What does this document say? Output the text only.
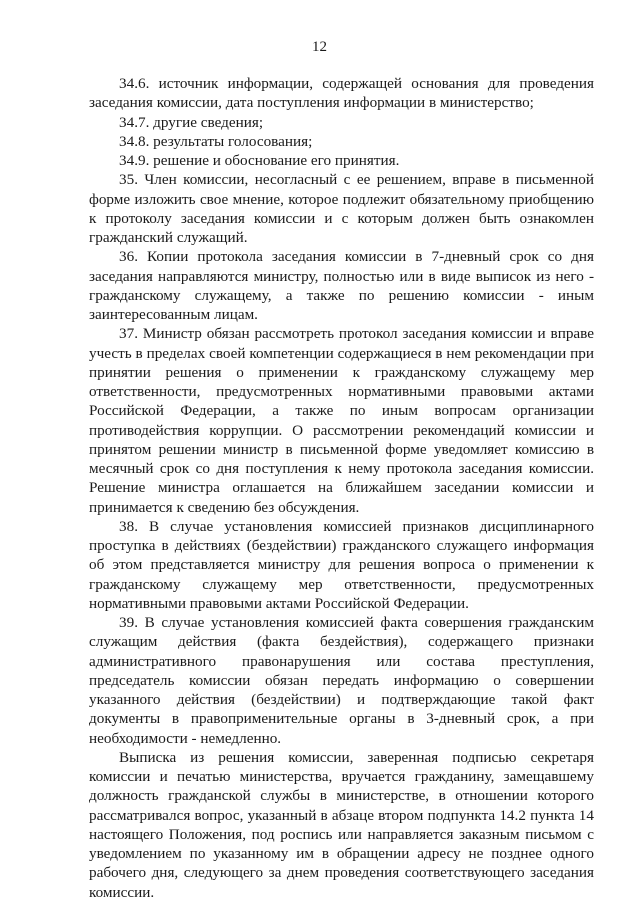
12

34.6. источник информации, содержащей основания для проведения заседания комиссии, дата поступления информации в министерство;

34.7. другие сведения;

34.8. результаты голосования;

34.9. решение и обоснование его принятия.

35. Член комиссии, несогласный с ее решением, вправе в письменной форме изложить свое мнение, которое подлежит обязательному приобщению к протоколу заседания комиссии и с которым должен быть ознакомлен гражданский служащий.

36. Копии протокола заседания комиссии в 7-дневный срок со дня заседания направляются министру, полностью или в виде выписок из него - гражданскому служащему, а также по решению комиссии - иным заинтересованным лицам.

37. Министр обязан рассмотреть протокол заседания комиссии и вправе учесть в пределах своей компетенции содержащиеся в нем рекомендации при принятии решения о применении к гражданскому служащему мер ответственности, предусмотренных нормативными правовыми актами Российской Федерации, а также по иным вопросам организации противодействия коррупции. О рассмотрении рекомендаций комиссии и принятом решении министр в письменной форме уведомляет комиссию в месячный срок со дня поступления к нему протокола заседания комиссии. Решение министра оглашается на ближайшем заседании комиссии и принимается к сведению без обсуждения.

38. В случае установления комиссией признаков дисциплинарного проступка в действиях (бездействии) гражданского служащего информация об этом представляется министру для решения вопроса о применении к гражданскому служащему мер ответственности, предусмотренных нормативными правовыми актами Российской Федерации.

39. В случае установления комиссией факта совершения гражданским служащим действия (факта бездействия), содержащего признаки административного правонарушения или состава преступления, председатель комиссии обязан передать информацию о совершении указанного действия (бездействии) и подтверждающие такой факт документы в правоприменительные органы в 3-дневный срок, а при необходимости - немедленно.

Выписка из решения комиссии, заверенная подписью секретаря комиссии и печатью министерства, вручается гражданину, замещавшему должность гражданской службы в министерстве, в отношении которого рассматривался вопрос, указанный в абзаце втором подпункта 14.2 пункта 14 настоящего Положения, под роспись или направляется заказным письмом с уведомлением по указанному им в обращении адресу не позднее одного рабочего дня, следующего за днем проведения соответствующего заседания комиссии.
